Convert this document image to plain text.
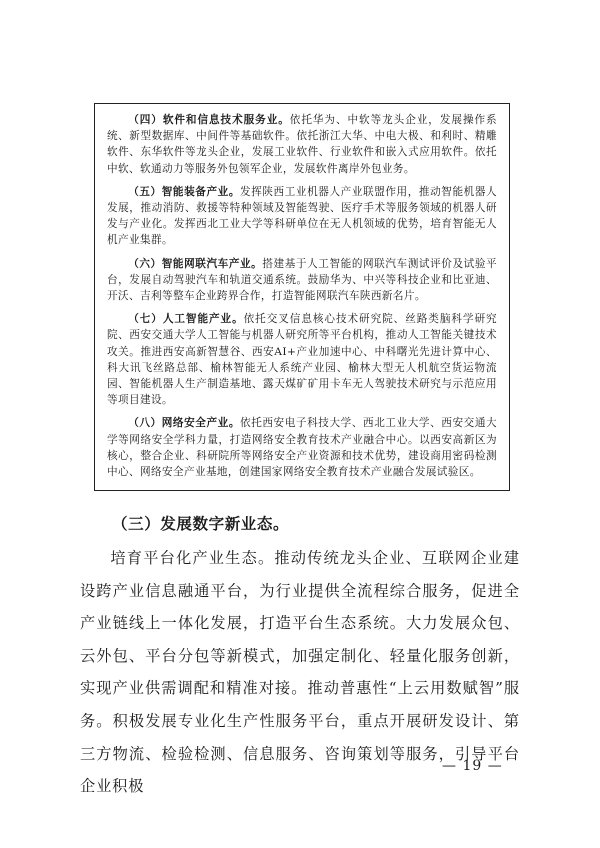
（四）软件和信息技术服务业。依托华为、中软等龙头企业，发展操作系统、新型数据库、中间件等基础软件。依托浙江大华、中电大极、和利时、精雕软件、东华软件等龙头企业，发展工业软件、行业软件和嵌入式应用软件。依托中软、软通动力等服务外包领军企业，发展软件离岸外包业务。

（五）智能装备产业。发挥陕西工业机器人产业联盟作用，推动智能机器人发展，推动消防、救援等特种领域及智能驾驶、医疗手术等服务领域的机器人研发与产业化。发挥西北工业大学等科研单位在无人机领域的优势，培育智能无人机产业集群。

（六）智能网联汽车产业。搭建基于人工智能的网联汽车测试评价及试验平台，发展自动驾驶汽车和轨道交通系统。鼓励华为、中兴等科技企业和比亚迪、开沃、吉利等整车企业跨界合作，打造智能网联汽车陕西新名片。

（七）人工智能产业。依托交叉信息核心技术研究院、丝路类脑科学研究院、西安交通大学人工智能与机器人研究所等平台机构，推动人工智能关键技术攻关。推进西安高新智慧谷、西安AI+产业加速中心、中科曙光先进计算中心、科大讯飞丝路总部、榆林智能无人系统产业园、榆林大型无人机航空货运物流园、智能机器人生产制造基地、露天煤矿矿用卡车无人驾驶技术研究与示范应用等项目建设。

（八）网络安全产业。依托西安电子科技大学、西北工业大学、西安交通大学等网络安全学科力量，打造网络安全教育技术产业融合中心。以西安高新区为核心，整合企业、科研院所等网络安全产业资源和技术优势，建设商用密码检测中心、网络安全产业基地，创建国家网络安全教育技术产业融合发展试验区。

（三）发展数字新业态。

培育平台化产业生态。推动传统龙头企业、互联网企业建设跨产业信息融通平台，为行业提供全流程综合服务，促进全产业链线上一体化发展，打造平台生态系统。大力发展众包、云外包、平台分包等新模式，加强定制化、轻量化服务创新，实现产业供需调配和精准对接。推动普惠性“上云用数赋智”服务。积极发展专业化生产性服务平台，重点开展研发设计、第三方物流、检验检测、信息服务、咨询策划等服务，引导平台企业积极

— 19 —
